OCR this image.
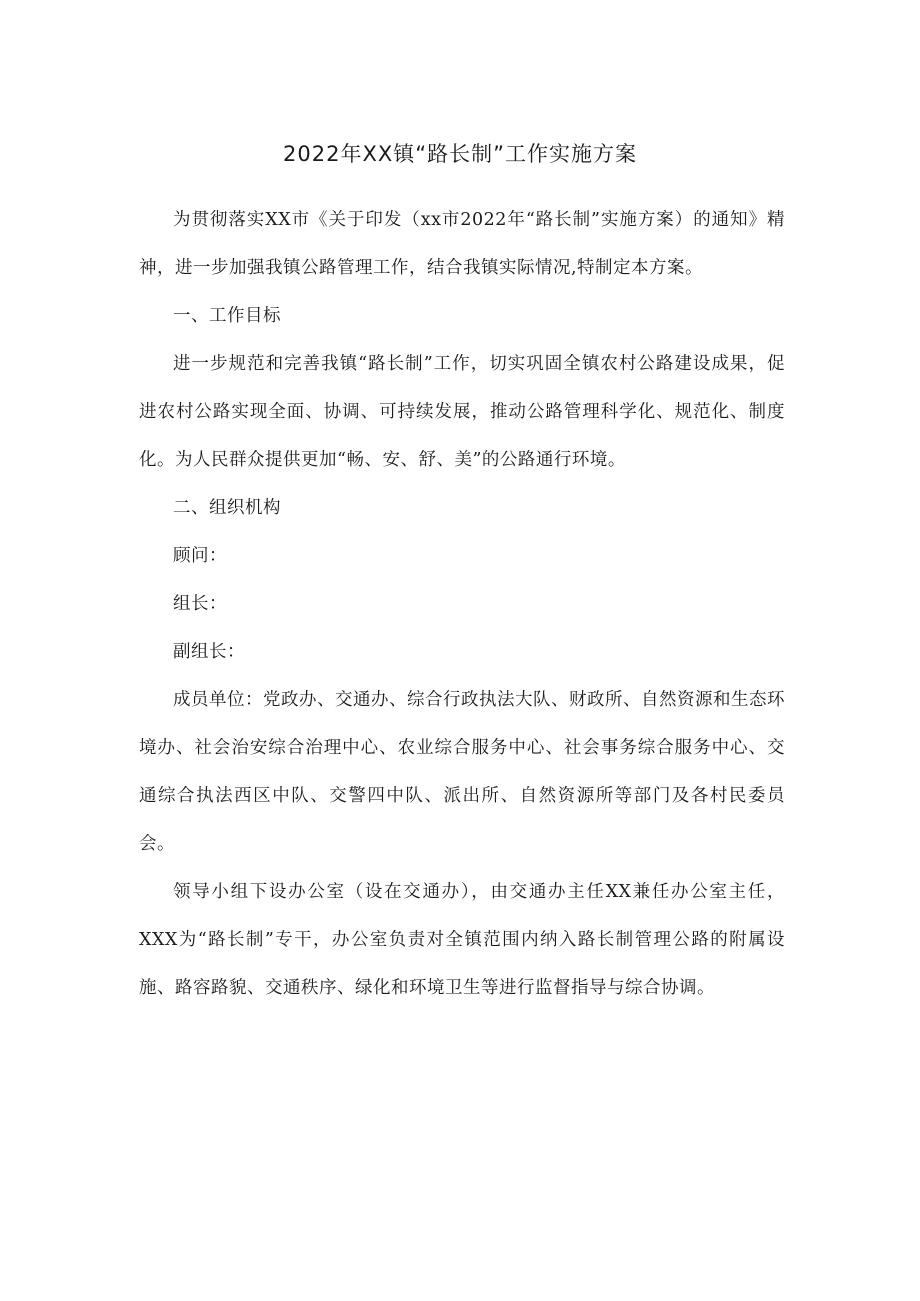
2022年XX镇“路长制”工作实施方案

为贯彻落实XX市《关于印发（xx市2022年“路长制”实施方案）的通知》精神，进一步加强我镇公路管理工作，结合我镇实际情况,特制定本方案。

一、工作目标

进一步规范和完善我镇“路长制”工作，切实巩固全镇农村公路建设成果，促进农村公路实现全面、协调、可持续发展，推动公路管理科学化、规范化、制度化。为人民群众提供更加“畅、安、舒、美”的公路通行环境。

二、组织机构

顾问：

组长：

副组长：

成员单位：党政办、交通办、综合行政执法大队、财政所、自然资源和生态环境办、社会治安综合治理中心、农业综合服务中心、社会事务综合服务中心、交通综合执法西区中队、交警四中队、派出所、自然资源所等部门及各村民委员会。

领导小组下设办公室（设在交通办），由交通办主任XX兼任办公室主任，XXX为“路长制”专干，办公室负责对全镇范围内纳入路长制管理公路的附属设施、路容路貌、交通秩序、绿化和环境卫生等进行监督指导与综合协调。
